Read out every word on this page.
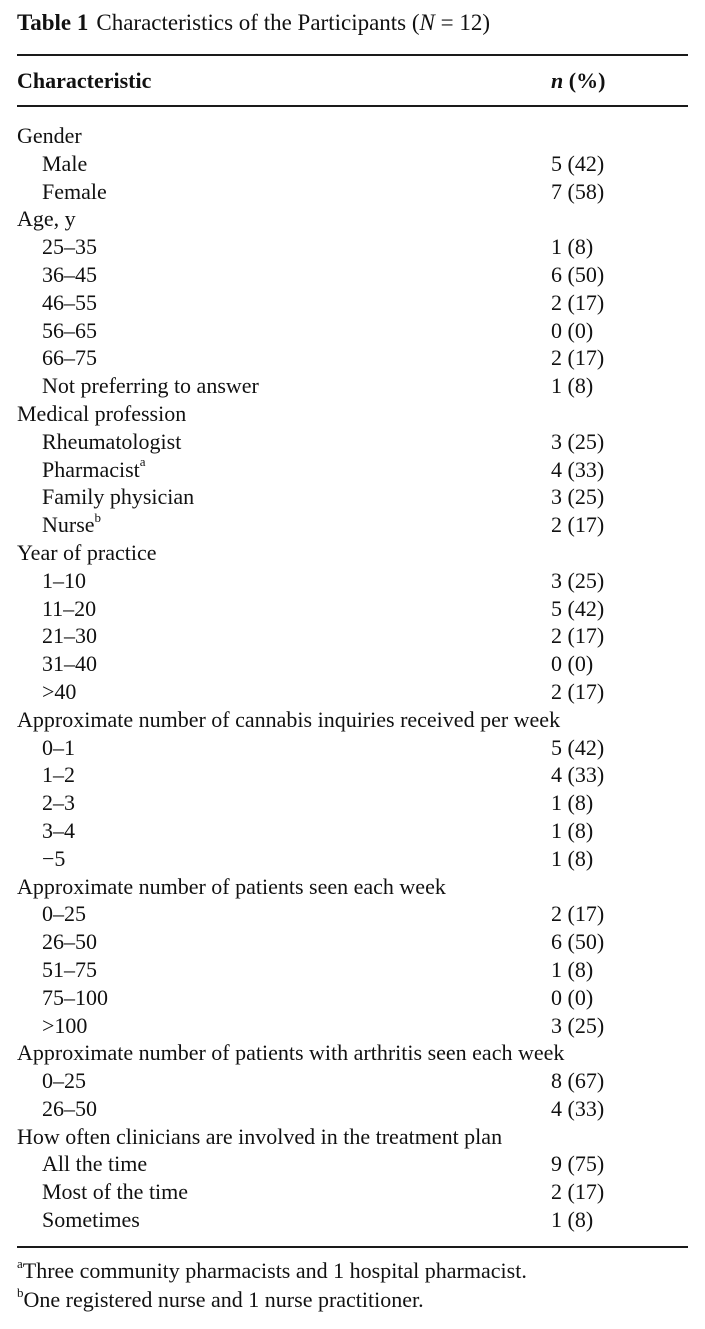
Table 1 Characteristics of the Participants (N = 12)
Characteristic	n (%)
Gender
Male	5 (42)
Female	7 (58)
Age, y
25–35	1 (8)
36–45	6 (50)
46–55	2 (17)
56–65	0 (0)
66–75	2 (17)
Not preferring to answer	1 (8)
Medical profession
Rheumatologist	3 (25)
Pharmacist$^a$	4 (33)
Family physician	3 (25)
Nurse$^b$	2 (17)
Year of practice
1–10	3 (25)
11–20	5 (42)
21–30	2 (17)
31–40	0 (0)
>40	2 (17)
Approximate number of cannabis inquiries received per week
0–1	5 (42)
1–2	4 (33)
2–3	1 (8)
3–4	1 (8)
−5	1 (8)
Approximate number of patients seen each week
0–25	2 (17)
26–50	6 (50)
51–75	1 (8)
75–100	0 (0)
>100	3 (25)
Approximate number of patients with arthritis seen each week
0–25	8 (67)
26–50	4 (33)
How often clinicians are involved in the treatment plan
All the time	9 (75)
Most of the time	2 (17)
Sometimes	1 (8)
$^a$Three community pharmacists and 1 hospital pharmacist.
$^b$One registered nurse and 1 nurse practitioner.
